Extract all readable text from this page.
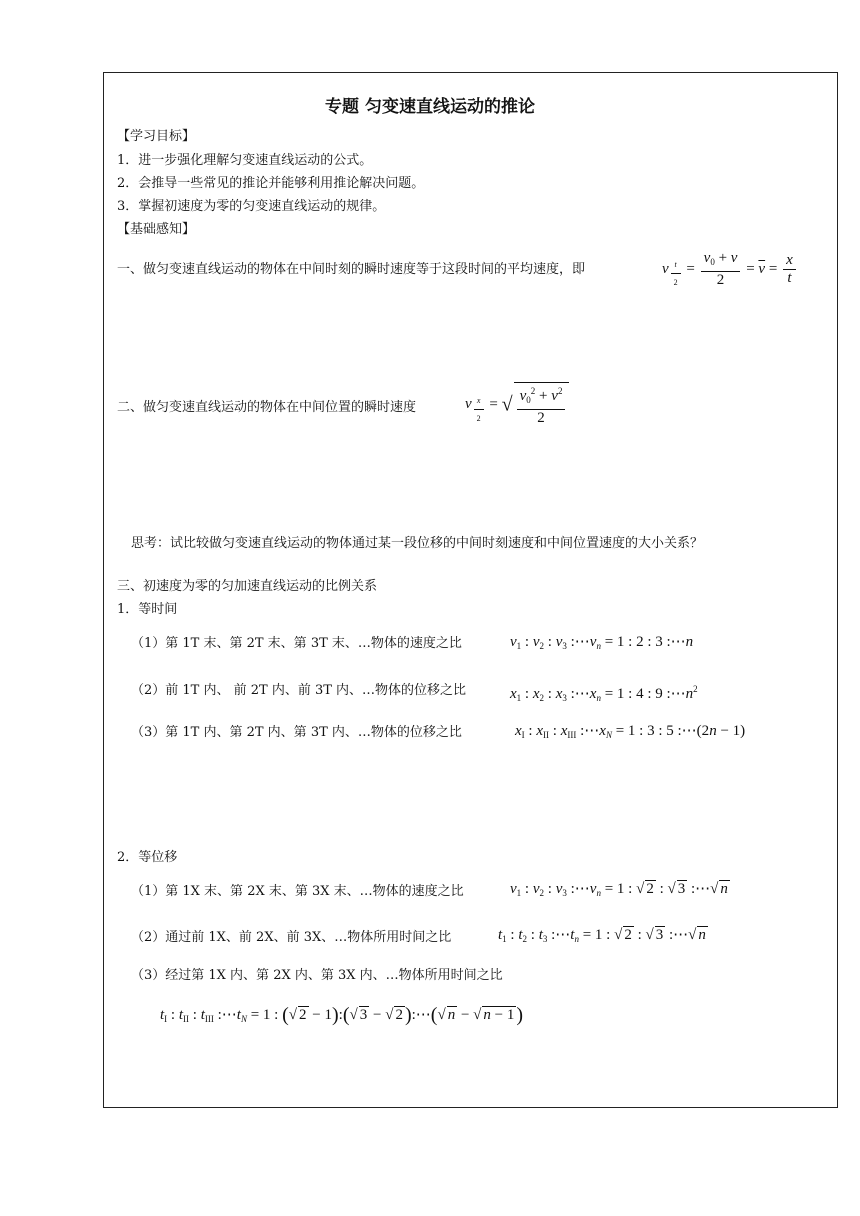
专题 匀变速直线运动的推论
【学习目标】
1．进一步强化理解匀变速直线运动的公式。
2．会推导一些常见的推论并能够利用推论解决问题。
3．掌握初速度为零的匀变速直线运动的规律。
【基础感知】
一、做匀变速直线运动的物体在中间时刻的瞬时速度等于这段时间的平均速度，即	v $_{\frac{t}{2}} = \frac{v_0 + v}{2} = \overline{v} = \frac{x}{t}$
二、做匀变速直线运动的物体在中间位置的瞬时速度	v $_{\frac{x}{2}}$ = √ $\frac{v_0^2 + v^2}{2}$
思考：试比较做匀变速直线运动的物体通过某一段位移的中间时刻速度和中间位置速度的大小关系？
三、初速度为零的匀加速直线运动的比例关系
1．等时间
（1）第 1T 末、第 2T 末、第 3T 末、…物体的速度之比	$v_1$ : $v_2$ : $v_3$ $:\cdots v_n = 1$ : 2 : 3 :⋯n
（2）前 1T 内、 前 2T 内、前 3T 内、…物体的位移之比	$x_1$ : $x_2$ : $x_3$ $:\cdots x_n = 1$ : 4 : 9 $:\cdots n^2$
（3）第 1T 内、第 2T 内、第 3T 内、…物体的位移之比	$x_I$ : $x_{II}$ : $x_{III}$ $:\cdots x_N = 1$ : 3 : 5 :⋯(2n − 1)
2．等位移
（1）第 1X 末、第 2X 末、第 3X 末、…物体的速度之比	$v_1$ : $v_2$ : $v_3$ $:\cdots v_n = 1$ : √ 2 : √ 3 :⋯√ n
（2）通过前 1X、前 2X、前 3X、…物体所用时间之比	$t_1$ : $t_2$ : $t_3$ $:\cdots t_n = 1$ : √ 2 : √ 3 :⋯√ n
（3）经过第 1X 内、第 2X 内、第 3X 内、…物体所用时间之比
$t_I$ : $t_{II}$ : $t_{III}$ $:\cdots t_N = 1$ : (√ 2 − 1):(√ 3 − √ 2 ):⋯(√ n − √ n − 1 )
